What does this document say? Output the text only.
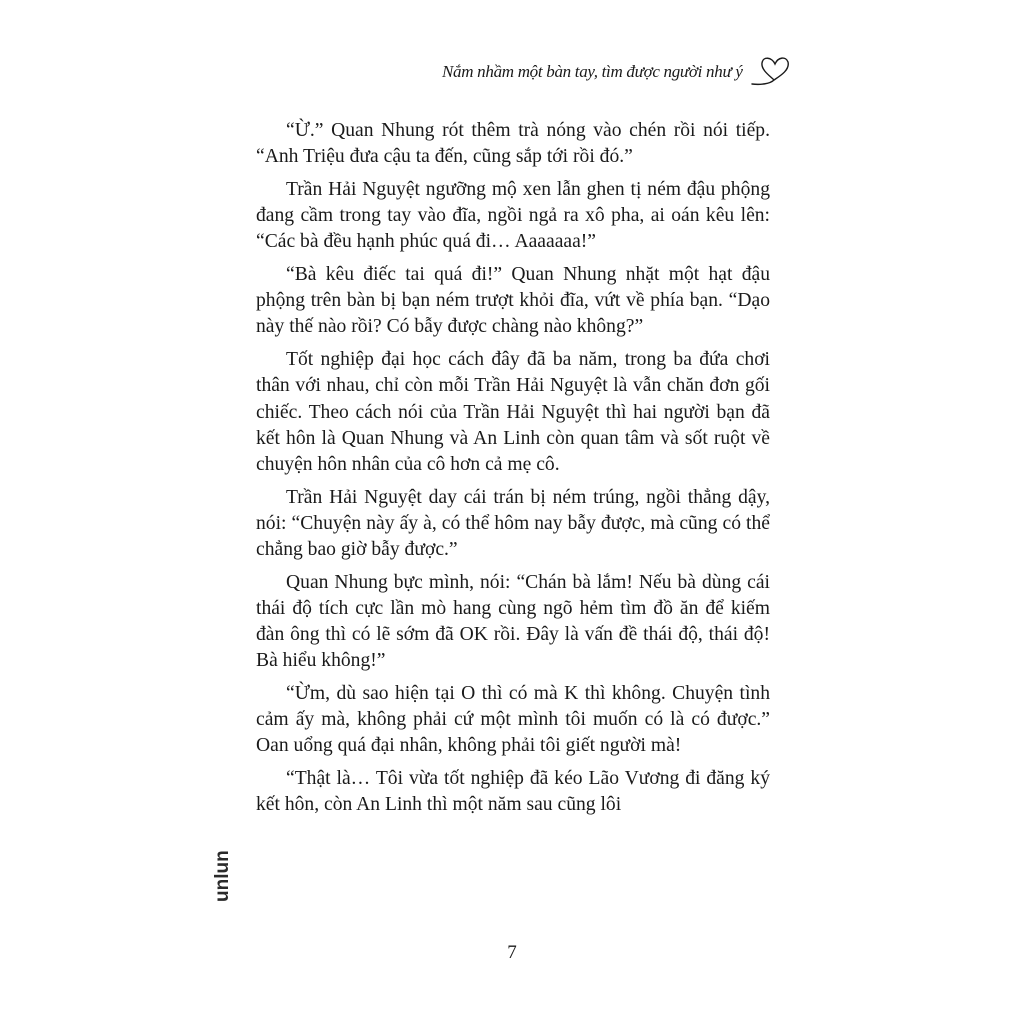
Nắm nhầm một bàn tay, tìm được người như ý

“Ừ.” Quan Nhung rót thêm trà nóng vào chén rồi nói tiếp. “Anh Triệu đưa cậu ta đến, cũng sắp tới rồi đó.”

Trần Hải Nguyệt ngưỡng mộ xen lẫn ghen tị ném đậu phộng đang cầm trong tay vào đĩa, ngồi ngả ra xô pha, ai oán kêu lên: “Các bà đều hạnh phúc quá đi… Aaaaaaa!”

“Bà kêu điếc tai quá đi!” Quan Nhung nhặt một hạt đậu phộng trên bàn bị bạn ném trượt khỏi đĩa, vứt về phía bạn. “Dạo này thế nào rồi? Có bẫy được chàng nào không?”

Tốt nghiệp đại học cách đây đã ba năm, trong ba đứa chơi thân với nhau, chỉ còn mỗi Trần Hải Nguyệt là vẫn chăn đơn gối chiếc. Theo cách nói của Trần Hải Nguyệt thì hai người bạn đã kết hôn là Quan Nhung và An Linh còn quan tâm và sốt ruột về chuyện hôn nhân của cô hơn cả mẹ cô.

Trần Hải Nguyệt day cái trán bị ném trúng, ngồi thẳng dậy, nói: “Chuyện này ấy à, có thể hôm nay bẫy được, mà cũng có thể chẳng bao giờ bẫy được.”

Quan Nhung bực mình, nói: “Chán bà lắm! Nếu bà dùng cái thái độ tích cực lần mò hang cùng ngõ hẻm tìm đồ ăn để kiếm đàn ông thì có lẽ sớm đã OK rồi. Đây là vấn đề thái độ, thái độ! Bà hiểu không!”

“Ừm, dù sao hiện tại O thì có mà K thì không. Chuyện tình cảm ấy mà, không phải cứ một mình tôi muốn có là có được.” Oan uổng quá đại nhân, không phải tôi giết người mà!

“Thật là… Tôi vừa tốt nghiệp đã kéo Lão Vương đi đăng ký kết hôn, còn An Linh thì một năm sau cũng lôi

unlun
7
